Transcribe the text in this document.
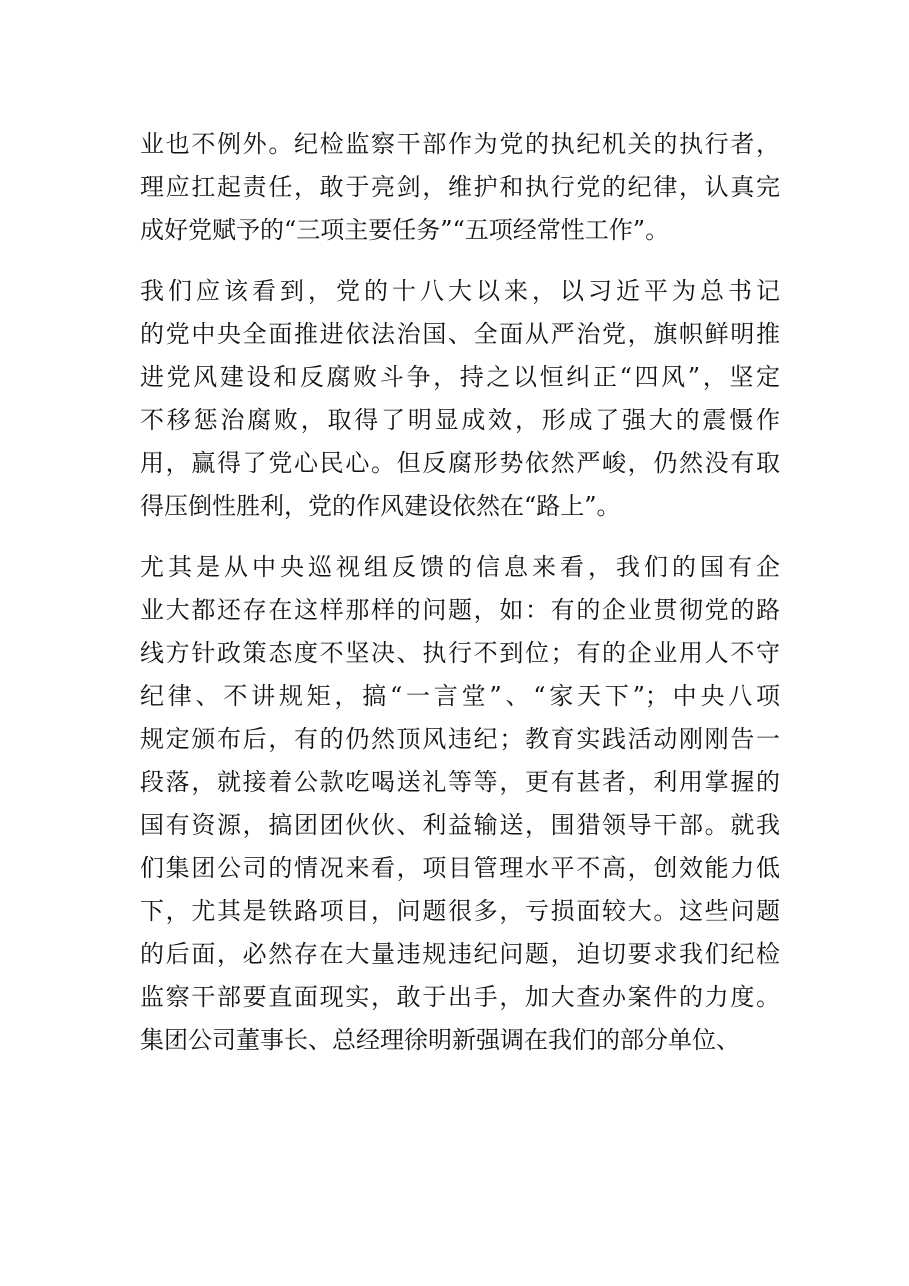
业也不例外。纪检监察干部作为党的执纪机关的执行者，
理应扛起责任，敢于亮剑，维护和执行党的纪律，认真完
成好党赋予的“三项主要任务”“五项经常性工作”。
我们应该看到，党的十八大以来，以习近平为总书记
的党中央全面推进依法治国、全面从严治党，旗帜鲜明推
进党风建设和反腐败斗争，持之以恒纠正“四风”，坚定
不移惩治腐败，取得了明显成效，形成了强大的震慑作
用，赢得了党心民心。但反腐形势依然严峻，仍然没有取
得压倒性胜利，党的作风建设依然在“路上”。
尤其是从中央巡视组反馈的信息来看，我们的国有企
业大都还存在这样那样的问题，如：有的企业贯彻党的路
线方针政策态度不坚决、执行不到位；有的企业用人不守
纪律、不讲规矩，搞“一言堂”、“家天下”；中央八项
规定颁布后，有的仍然顶风违纪；教育实践活动刚刚告一
段落，就接着公款吃喝送礼等等，更有甚者，利用掌握的
国有资源，搞团团伙伙、利益输送，围猎领导干部。就我
们集团公司的情况来看，项目管理水平不高，创效能力低
下，尤其是铁路项目，问题很多，亏损面较大。这些问题
的后面，必然存在大量违规违纪问题，迫切要求我们纪检
监察干部要直面现实，敢于出手，加大查办案件的力度。
集团公司董事长、总经理徐明新强调在我们的部分单位、
